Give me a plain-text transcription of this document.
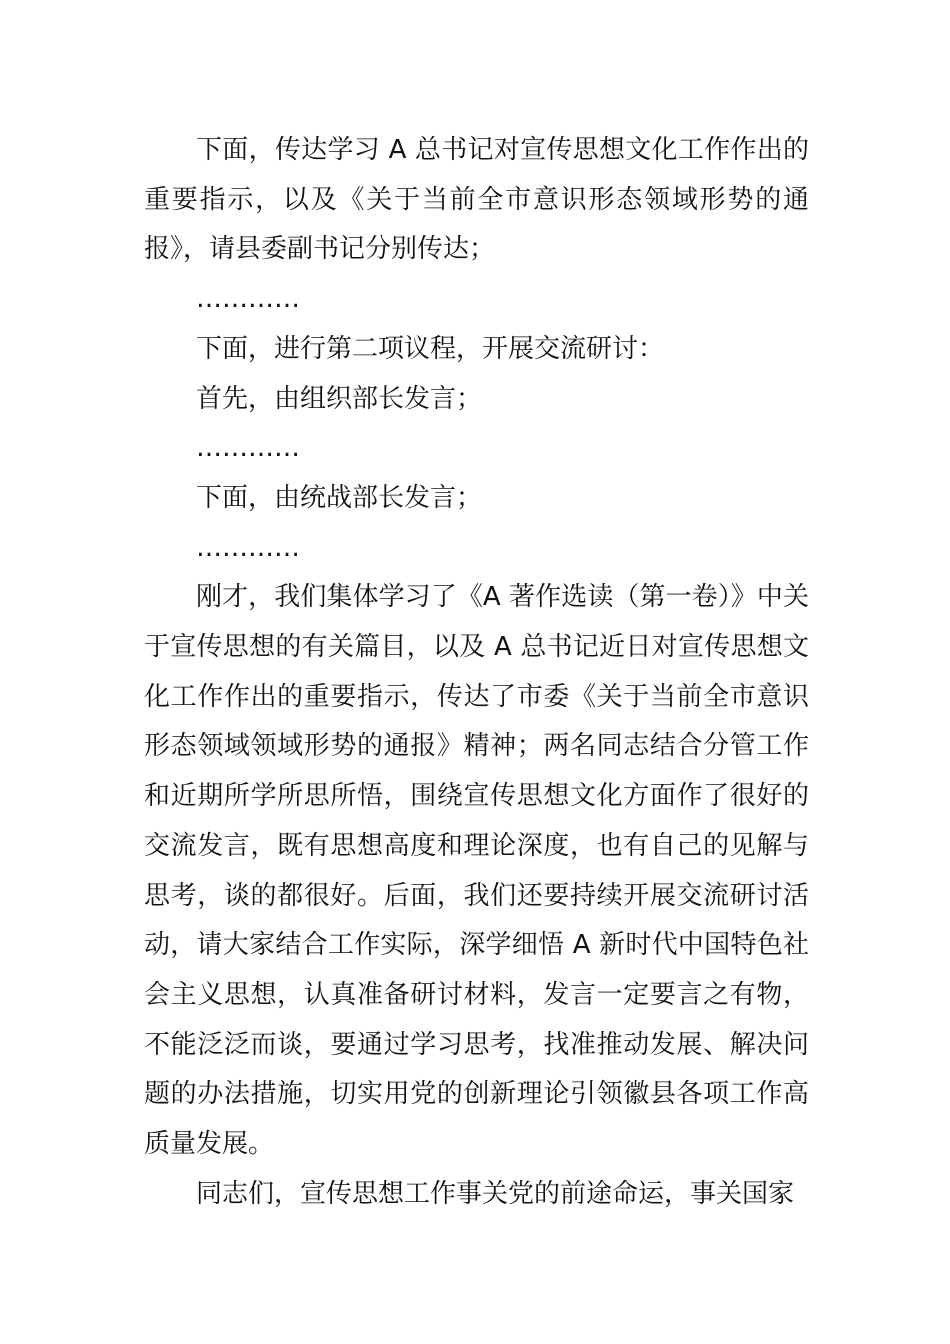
下面，传达学习 A 总书记对宣传思想文化工作作出的重要指示，以及《关于当前全市意识形态领域形势的通报》，请县委副书记分别传达；

…………

下面，进行第二项议程，开展交流研讨：

首先，由组织部长发言；

…………

下面，由统战部长发言；

…………

刚才，我们集体学习了《A 著作选读（第一卷）》中关于宣传思想的有关篇目，以及 A 总书记近日对宣传思想文化工作作出的重要指示，传达了市委《关于当前全市意识形态领域领域形势的通报》精神；两名同志结合分管工作和近期所学所思所悟，围绕宣传思想文化方面作了很好的交流发言，既有思想高度和理论深度，也有自己的见解与思考，谈的都很好。后面，我们还要持续开展交流研讨活动，请大家结合工作实际，深学细悟 A 新时代中国特色社会主义思想，认真准备研讨材料，发言一定要言之有物，不能泛泛而谈，要通过学习思考，找准推动发展、解决问题的办法措施，切实用党的创新理论引领徽县各项工作高质量发展。

同志们，宣传思想工作事关党的前途命运，事关国家
